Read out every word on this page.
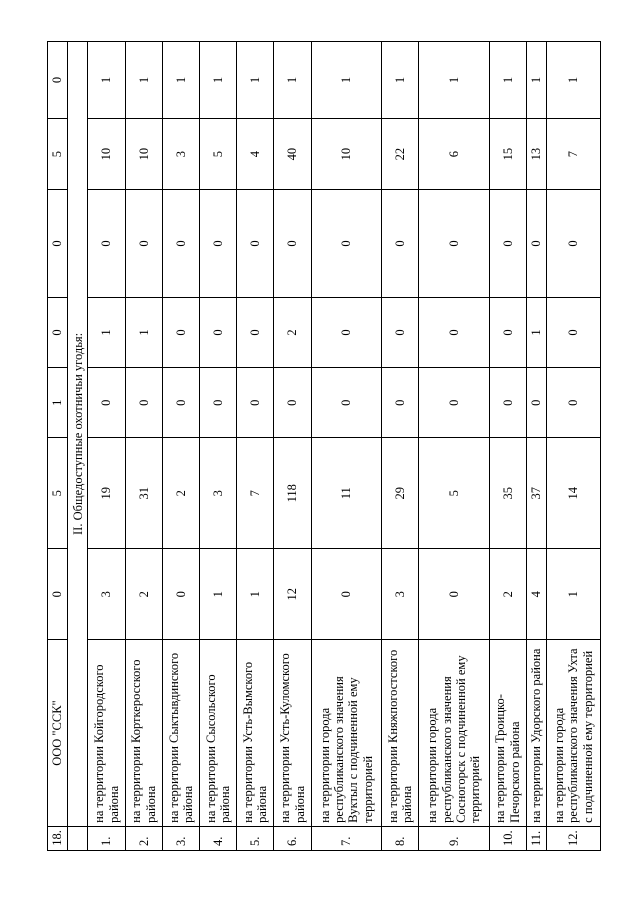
18.	ООО "ССК"	0	5	1	0	0	5	0
	II. Общедоступные охотничьи угодья:							
1.	на территории Койгородского района	3	19	0	1	0	10	1
2.	на территории Корткеросского района	2	31	0	1	0	10	1
3.	на территории Сыктывдинского района	0	2	0	0	0	3	1
4.	на территории Сысольского района	1	3	0	0	0	5	1
5.	на территории Усть-Вымского района	1	7	0	0	0	4	1
6.	на территории Усть-Куломского района	12	118	0	2	0	40	1
7.	на территории города республиканского значения Вуктыл с подчиненной ему территорией	0	11	0	0	0	10	1
8.	на территории Княжпогостского района	3	29	0	0	0	22	1
9.	на территории города республиканского значения Сосногорск с подчиненной ему территорией	0	5	0	0	0	6	1
10.	на территории Троицко-Печорского района	2	35	0	0	0	15	1
11.	на территории Удорского района	4	37	0	1	0	13	1
12.	на территории города республиканского значения Ухта с подчиненной ему территорией	1	14	0	0	0	7	1
